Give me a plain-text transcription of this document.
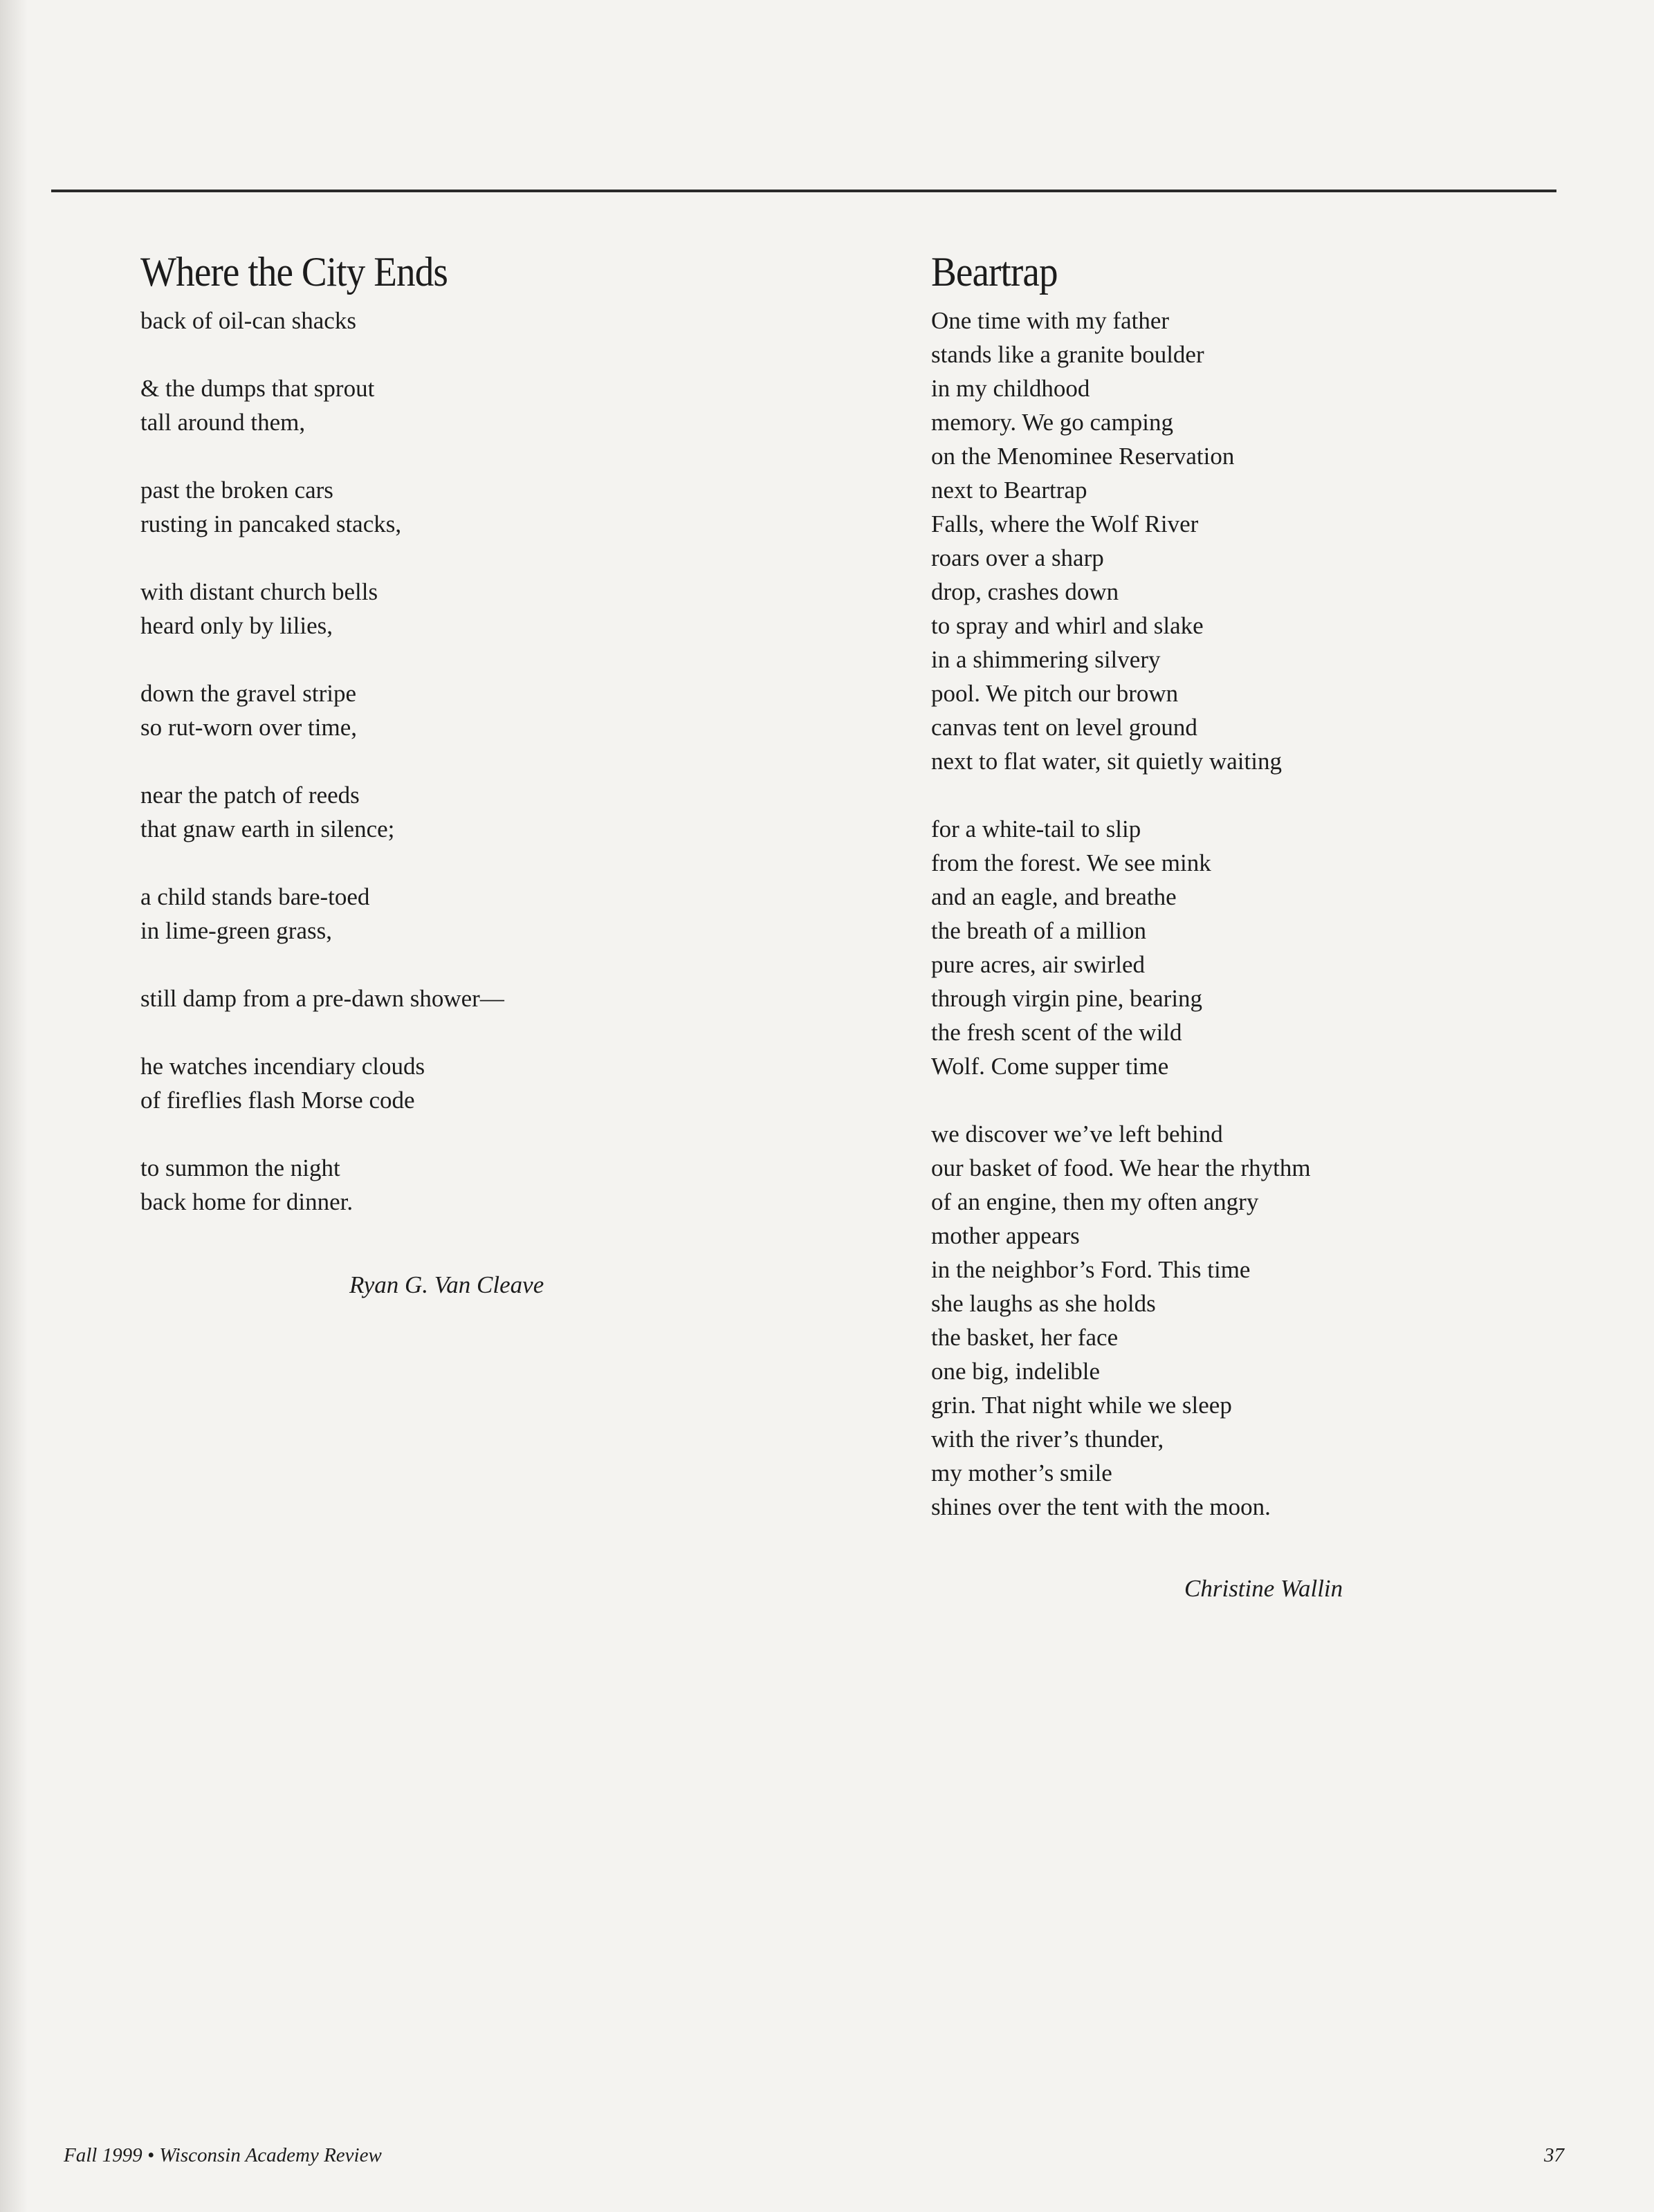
Where the City Ends
back of oil-can shacks
& the dumps that sprout
tall around them,
past the broken cars
rusting in pancaked stacks,
with distant church bells
heard only by lilies,
down the gravel stripe
so rut-worn over time,
near the patch of reeds
that gnaw earth in silence;
a child stands bare-toed
in lime-green grass,
still damp from a pre-dawn shower—
he watches incendiary clouds
of fireflies flash Morse code
to summon the night
back home for dinner.
Ryan G. Van Cleave
Beartrap
One time with my father
stands like a granite boulder
in my childhood
memory. We go camping
on the Menominee Reservation
next to Beartrap
Falls, where the Wolf River
roars over a sharp
drop, crashes down
to spray and whirl and slake
in a shimmering silvery
pool. We pitch our brown
canvas tent on level ground
next to flat water, sit quietly waiting
for a white-tail to slip
from the forest. We see mink
and an eagle, and breathe
the breath of a million
pure acres, air swirled
through virgin pine, bearing
the fresh scent of the wild
Wolf. Come supper time
we discover we’ve left behind
our basket of food. We hear the rhythm
of an engine, then my often angry
mother appears
in the neighbor’s Ford. This time
she laughs as she holds
the basket, her face
one big, indelible
grin. That night while we sleep
with the river’s thunder,
my mother’s smile
shines over the tent with the moon.
Christine Wallin
Fall 1999 • Wisconsin Academy Review	37
